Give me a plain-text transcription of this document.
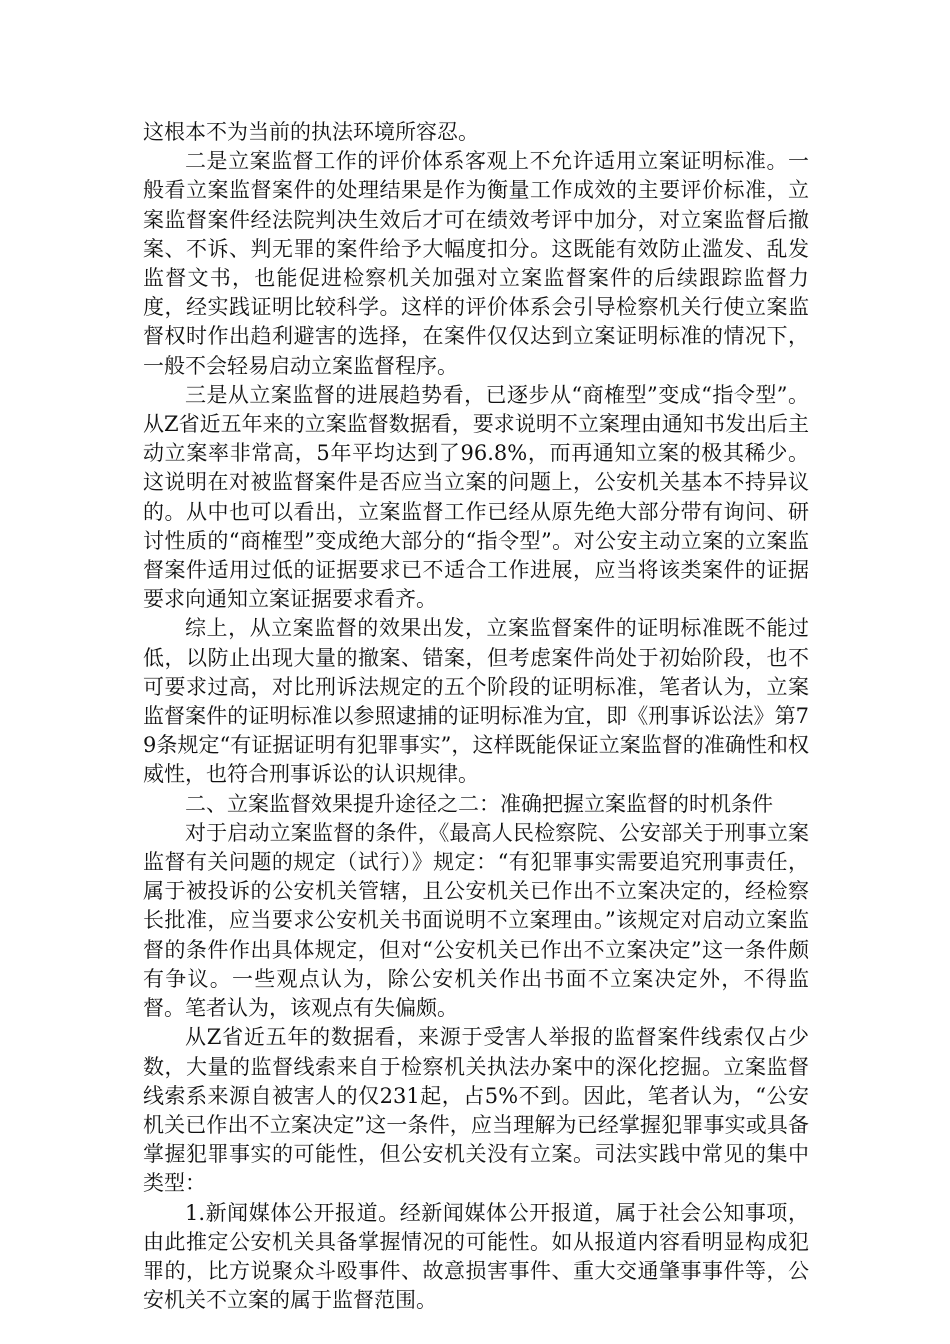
这根本不为当前的执法环境所容忍。

二是立案监督工作的评价体系客观上不允许适用立案证明标准。一般看立案监督案件的处理结果是作为衡量工作成效的主要评价标准，立案监督案件经法院判决生效后才可在绩效考评中加分，对立案监督后撤案、不诉、判无罪的案件给予大幅度扣分。这既能有效防止滥发、乱发监督文书，也能促进检察机关加强对立案监督案件的后续跟踪监督力度，经实践证明比较科学。这样的评价体系会引导检察机关行使立案监督权时作出趋利避害的选择，在案件仅仅达到立案证明标准的情况下，一般不会轻易启动立案监督程序。

三是从立案监督的进展趋势看，已逐步从“商榷型”变成“指令型”。从Z省近五年来的立案监督数据看，要求说明不立案理由通知书发出后主动立案率非常高，5年平均达到了96.8%，而再通知立案的极其稀少。这说明在对被监督案件是否应当立案的问题上，公安机关基本不持异议的。从中也可以看出，立案监督工作已经从原先绝大部分带有询问、研讨性质的“商榷型”变成绝大部分的“指令型”。对公安主动立案的立案监督案件适用过低的证据要求已不适合工作进展，应当将该类案件的证据要求向通知立案证据要求看齐。

综上，从立案监督的效果出发，立案监督案件的证明标准既不能过低，以防止出现大量的撤案、错案，但考虑案件尚处于初始阶段，也不可要求过高，对比刑诉法规定的五个阶段的证明标准，笔者认为，立案监督案件的证明标准以参照逮捕的证明标准为宜，即《刑事诉讼法》第79条规定“有证据证明有犯罪事实”，这样既能保证立案监督的准确性和权威性，也符合刑事诉讼的认识规律。

二、立案监督效果提升途径之二：准确把握立案监督的时机条件

对于启动立案监督的条件，《最高人民检察院、公安部关于刑事立案监督有关问题的规定（试行）》规定：“有犯罪事实需要追究刑事责任，属于被投诉的公安机关管辖，且公安机关已作出不立案决定的，经检察长批准，应当要求公安机关书面说明不立案理由。”该规定对启动立案监督的条件作出具体规定，但对“公安机关已作出不立案决定”这一条件颇有争议。一些观点认为，除公安机关作出书面不立案决定外，不得监督。笔者认为，该观点有失偏颇。

从Z省近五年的数据看，来源于受害人举报的监督案件线索仅占少数，大量的监督线索来自于检察机关执法办案中的深化挖掘。立案监督线索系来源自被害人的仅231起，占5%不到。因此，笔者认为，“公安机关已作出不立案决定”这一条件，应当理解为已经掌握犯罪事实或具备掌握犯罪事实的可能性，但公安机关没有立案。司法实践中常见的集中类型：

1.新闻媒体公开报道。经新闻媒体公开报道，属于社会公知事项，由此推定公安机关具备掌握情况的可能性。如从报道内容看明显构成犯罪的，比方说聚众斗殴事件、故意损害事件、重大交通肇事事件等，公安机关不立案的属于监督范围。
